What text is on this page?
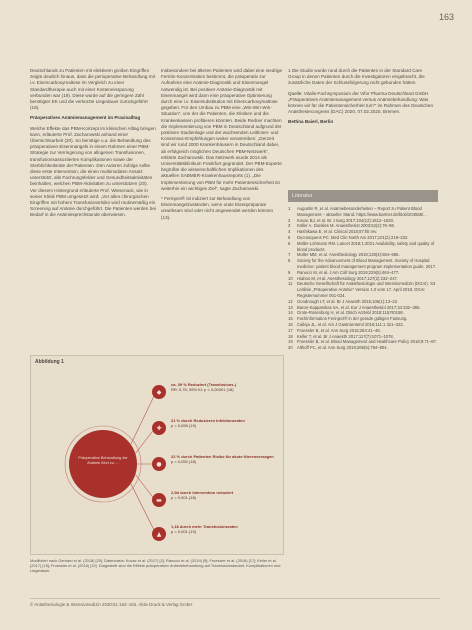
163

Deutschlands zu Patienten mit elektivem großen Eingriffen zeigte deutlich hinaus, dass die perioperative Behandlung mit i.v. Eisencarboxymaltose im Vergleich zu einer Standardtherapie auch mit einer Kosteneinsparung verbunden war (19). Diese wurde auf die geringere Zahl benötigter EK und die verkürzte Liegedauer zurückgeführt (19).

Präoperatives Anämiemanagement im Praxisalltag

Welche Effekte das PBM-Konzept im klinischen Alltag bringen kann, erläuterte Prof. Zacharowski anhand einer Übersichtsarbeit (20). So benötige u.a. die Behandlung des präoperativen Eisenmangels in einem Rahmen einer PBM-Strategie zur Verringerung von allogenen Transfusionen, transfusionsassoziierten Komplikationen sowie der Sterblichkeitsrate der Patienten. Den Autoren zufolge sollte diese erste Intervention, die einen multimodalen Ansatz unterstützt, alle Fachrungsfelder und Gesundheitsaktivitäten beinhalten, welchen PBM-Aktivitäten zu unterstützen (20). Vor diesem Hintergrund erläuterte Prof. Wiesenack, wie in seiner Klinik PBM umgesetzt wird: „Vor allen chirurgischen Eingriffen mit hohem Transfusionsrisiko wird routinemäßig ein Screening auf Anämie durchgeführt. Die Patienten werden bei Bedarf in die Anämiesprechstunde überwiesen.

Insbesondere bei älteren Patienten wird dabei eine niedrige Ferritin-Konzentration bestimmt, die präoperativ zur Aufnahme eine Anämie-Diagnostik und Eisenmangel notwendig ist. Bei positiver Anämie-Diagnostik mit Eisenmangel wird dann eine präoperative Optimierung durch eine i.v. Eisensubstitution mit Eisencarboxymaltose gegeben. Für den Umbau zu PBM eine „Win-Win-Win-Situation“, von der die Patienten, die Kliniken und die Krankenkassen profitieren könnten. Beide Redner machten die Implementierung von PBM in Deutschland aufgrund der positiven Studienlage und der wachsenden Leitlinien- und Konsensus-Empfehlungen weiter vorantreiben: „Derzeit sind wir rund 2000 Krankenhäusern in Deutschland dabei, ab erfolgreich möglichen Deutschen PBM-Netzwerk“, erklärte Zacharowski. Das Netzwerk wurde 2014 als Universitätsklinikum Frankfurt gegründet. Der PBM-Experte begrüßte die wissenschaftlichen Implikationen des aktuellen SABMER-Krankenhausreports (1). „Die Implementierung von PBM für mehr Patientensicherheit ist weiterhin ein wichtiges Ziel“, sagte Zacharowski.

* Ferinject® ist indiziert zur Behandlung von Eisenmangelzuständen, wenn orale Eisenpräparate unwirksam sind oder nicht angewendet werden können (13).

1 Die Studie wurde rund durch die Patienten in der Standard Care Group in denen Patienten durch die Investigatoren eingebracht, die zusätzliche Daten der Schlussfolgerung nicht gebunden hätten.

Quelle: Vitalis-Fachsymposium der Vifor Pharma Deutschland GmbH „Präoperatives Anämiemanagement versus Anämiebehandlung: Was können wir für die Patientensicherheit tun?“ im Rahmen des Deutschen Anästhesiecongress (DAC) 2020, 07.02.2020, Bremen.

Bettina Baierl, Berlin

Literatur
1	Augustin R, et al. Anämiebesonderheiten – Report zu Patient Blood Management – aktueller Stand. https://www.barmer.de/blob/204558/...
2	Kovac BJ, et al. Br J Surg 2017;104(12):1612–1620.
3	Küller A. Dunkles M. Anaesthesist 2003;52(2):76–86.
4	Hashikawa E, et al. Clinical 2018;87:hlt rev.
5	Ducrosquens PC. Med Clin North Am 2017;101(2):219–232.
6	Müller-Lohmann RM. Lancet 2018;1:2021 Availability, safety and quality of blood products.
7	Muller MM, et al. Anesthesiology 2019;130(4):654–665.
8	Society for the Advancement of Blood Management. Society of Hospital medicine: patient blood management program implementation guide, 2017.
9	Ranucci M, et al. J Am Coll Surg 2019;229(5):464–477.
10	Hiaboo M, et al. Anesthesiology 2017;127(2):232–247.
11	Deutsche Gesellschaft für Anästhesiologie und Intensivmedizin (DGAI). S3 Leitlinie „Präoperative Anämie“ Version 1.0 vom 17. April 2018, DGAI Registernummer 001-024.
12	Goodnough LT, et al. Br J Anaesth 2015;106(1):13–22.
13	Baron-Kapparelias SA, et al. Eur J Anaesthesiol 2017;34:332–395.
14	Grote-Rosenburg H, et al. Dtsch Arztebl 2018;115:R0158.
15	Fachinformation Ferinject® in der gerade gültigen Fassung.
16	Calleja JL, et al. Am J Gastroenterol 2016;111:1 321–322.
17	Froessler B, et al. Ann Surg 2016;264:41–46.
18	Keller T, et al. Br J Anaesth 2017;117(7):1071–1078.
19	Froessler B, et al. Blood Management and Healthcare Policy 2018;9:71–87.
20	Althoff FC, et al. Ann Surg 2019;269(5):794–804.
Abbildung 1
◆
✚
●
▬
▲
Präoperative Behandlung der Anämie führt zu …
ca. 39 % Reduziert (Transfusions-)
RR: 0,76; 95% KI: p < 0,00001 (18)
21 % durch Reduzieren Infektionsraten
p = 0,055 (19)
22 % durch Patienten Risiko für akute Nierenversagen
p = 0,050 (18)
2,5d durch Intervention reduziert
p = 0,501 (18)
1,18 durch mehr Transfusionsraten
p = 0,001 (19)
Modifiziert nach Gerhard et al. (2018) [20]; Datenbasis: Kovac et al. (2017) [2]; Ranucci et al. (2019) [9]; Froessler et al. (2016) [17]; Keller et al. (2017) [18]; Froessler et al. (2018) [19]. Dargestellt sind die Effekte präoperativer Anämiebehandlung auf Transfusionsbedarf, Komplikationen und Liegedauer.
© Anästhesiologie & Intensivmedizin 2020;61:162–163. Aktiv Druck & Verlag GmbH
